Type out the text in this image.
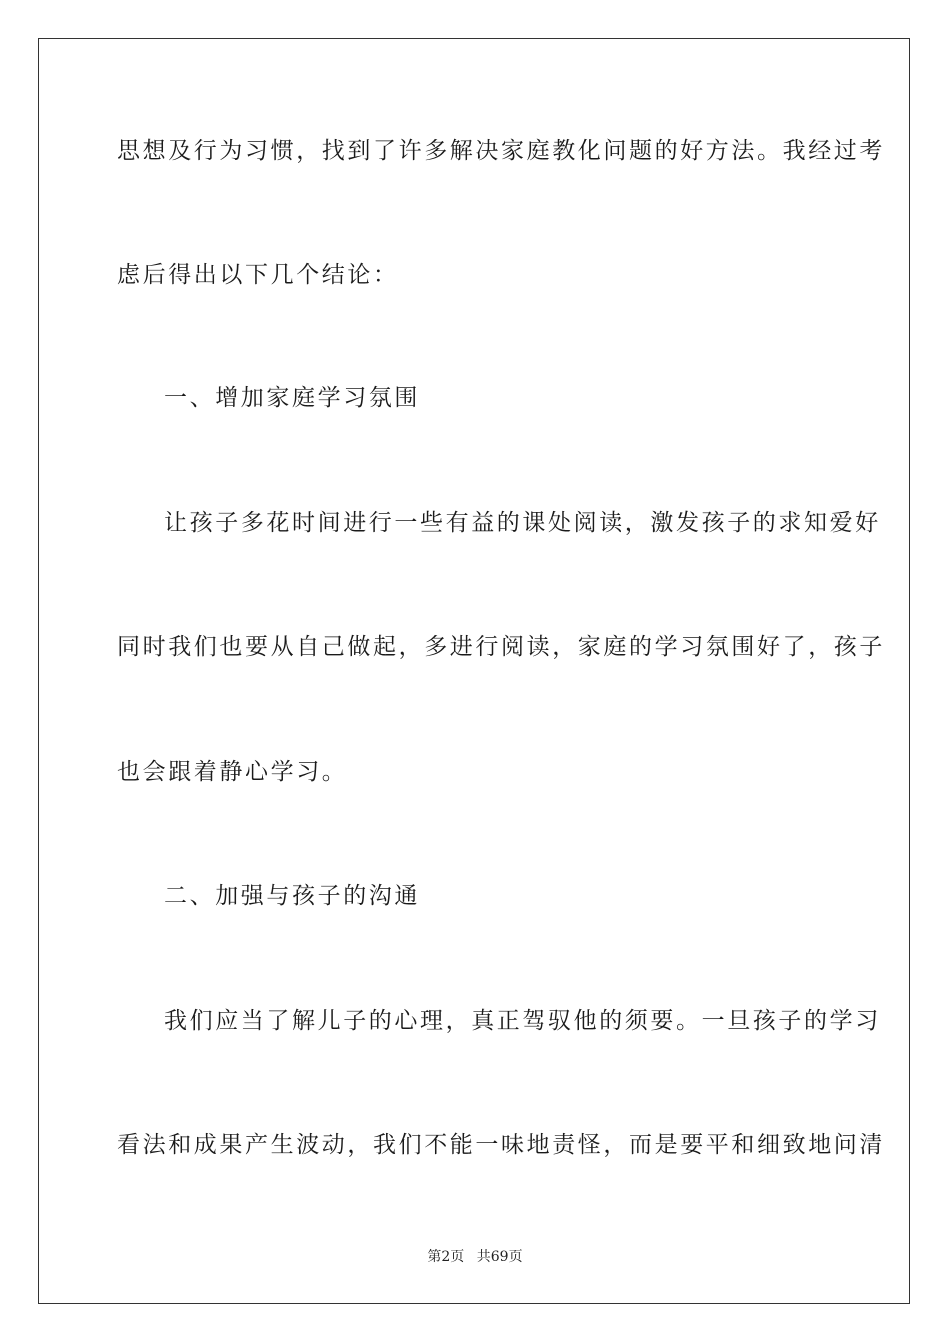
思想及行为习惯，找到了许多解决家庭教化问题的好方法。我经过考
虑后得出以下几个结论：
一、增加家庭学习氛围
让孩子多花时间进行一些有益的课处阅读，激发孩子的求知爱好
同时我们也要从自己做起，多进行阅读，家庭的学习氛围好了，孩子
也会跟着静心学习。
二、加强与孩子的沟通
我们应当了解儿子的心理，真正驾驭他的须要。一旦孩子的学习
看法和成果产生波动，我们不能一味地责怪，而是要平和细致地问清
第2页 共69页
